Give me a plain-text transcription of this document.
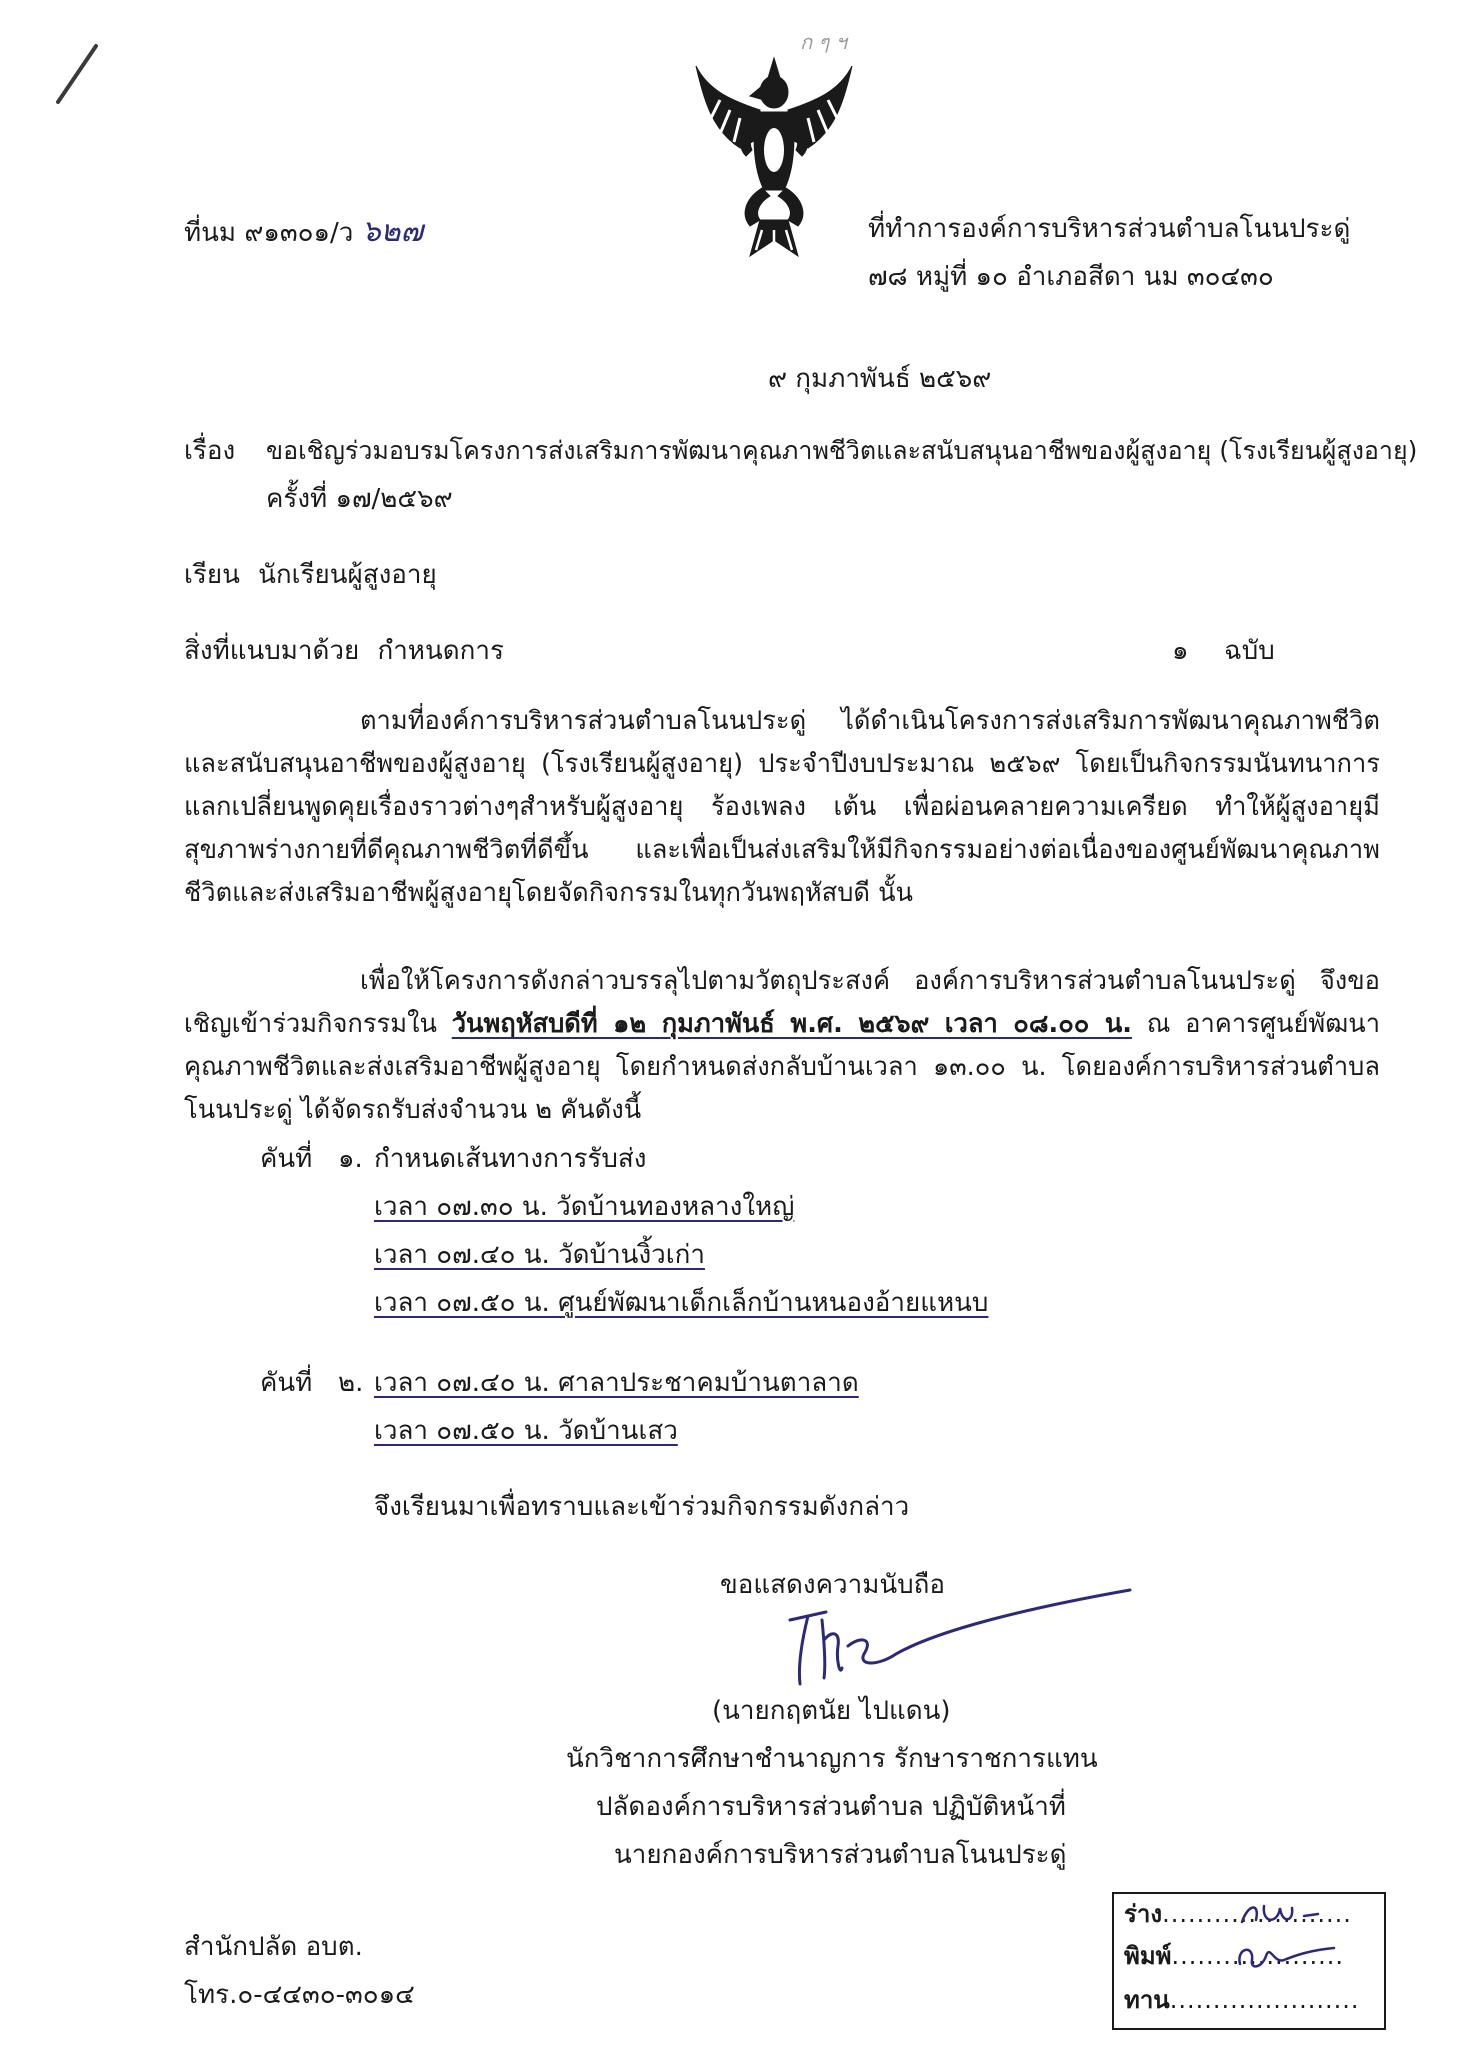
ก ๆ ฯ
ที่นม ๙๑๓๐๑/ว ๖๒๗	ที่ทำการองค์การบริหารส่วนตำบลโนนประดู่
๗๘ หมู่ที่ ๑๐ อำเภอสีดา นม ๓๐๔๓๐
๙ กุมภาพันธ์ ๒๕๖๙
เรื่อง ขอเชิญร่วมอบรมโครงการส่งเสริมการพัฒนาคุณภาพชีวิตและสนับสนุนอาชีพของผู้สูงอายุ (โรงเรียนผู้สูงอายุ)
ครั้งที่ ๑๗/๒๕๖๙
เรียน นักเรียนผู้สูงอายุ
สิ่งที่แนบมาด้วย กำหนดการ	๑ ฉบับ

ตามที่องค์การบริหารส่วนตำบลโนนประดู่ ได้ดำเนินโครงการส่งเสริมการพัฒนาคุณภาพชีวิตและสนับสนุนอาชีพของผู้สูงอายุ (โรงเรียนผู้สูงอายุ) ประจำปีงบประมาณ ๒๕๖๙ โดยเป็นกิจกรรมนันทนาการ แลกเปลี่ยนพูดคุยเรื่องราวต่างๆสำหรับผู้สูงอายุ ร้องเพลง เต้น เพื่อผ่อนคลายความเครียด ทำให้ผู้สูงอายุมีสุขภาพร่างกายที่ดีคุณภาพชีวิตที่ดีขึ้น และเพื่อเป็นส่งเสริมให้มีกิจกรรมอย่างต่อเนื่องของศูนย์พัฒนาคุณภาพชีวิตและส่งเสริมอาชีพผู้สูงอายุโดยจัดกิจกรรมในทุกวันพฤหัสบดี นั้น

เพื่อให้โครงการดังกล่าวบรรลุไปตามวัตถุประสงค์ องค์การบริหารส่วนตำบลโนนประดู่ จึงขอเชิญเข้าร่วมกิจกรรมใน วันพฤหัสบดีที่ ๑๒ กุมภาพันธ์ พ.ศ. ๒๕๖๙ เวลา ๐๘.๐๐ น. ณ อาคารศูนย์พัฒนาคุณภาพชีวิตและส่งเสริมอาชีพผู้สูงอายุ โดยกำหนดส่งกลับบ้านเวลา ๑๓.๐๐ น. โดยองค์การบริหารส่วนตำบลโนนประดู่ ได้จัดรถรับส่งจำนวน ๒ คันดังนี้

คันที่ ๑. กำหนดเส้นทางการรับส่ง
เวลา ๐๗.๓๐ น. วัดบ้านทองหลางใหญ่
เวลา ๐๗.๔๐ น. วัดบ้านงิ้วเก่า
เวลา ๐๗.๕๐ น. ศูนย์พัฒนาเด็กเล็กบ้านหนองอ้ายแหนบ
คันที่ ๒. เวลา ๐๗.๔๐ น. ศาลาประชาคมบ้านตาลาด
เวลา ๐๗.๕๐ น. วัดบ้านเสว
จึงเรียนมาเพื่อทราบและเข้าร่วมกิจกรรมดังกล่าว
ขอแสดงความนับถือ
(นายกฤตนัย ไปแดน)
นักวิชาการศึกษาชำนาญการ รักษาราชการแทน
ปลัดองค์การบริหารส่วนตำบล ปฏิบัติหน้าที่
นายกองค์การบริหารส่วนตำบลโนนประดู่
สำนักปลัด อบต.
โทร.๐-๔๔๓๐-๓๐๑๔
ร่าง......................
พิมพ์....................
ทาน......................
